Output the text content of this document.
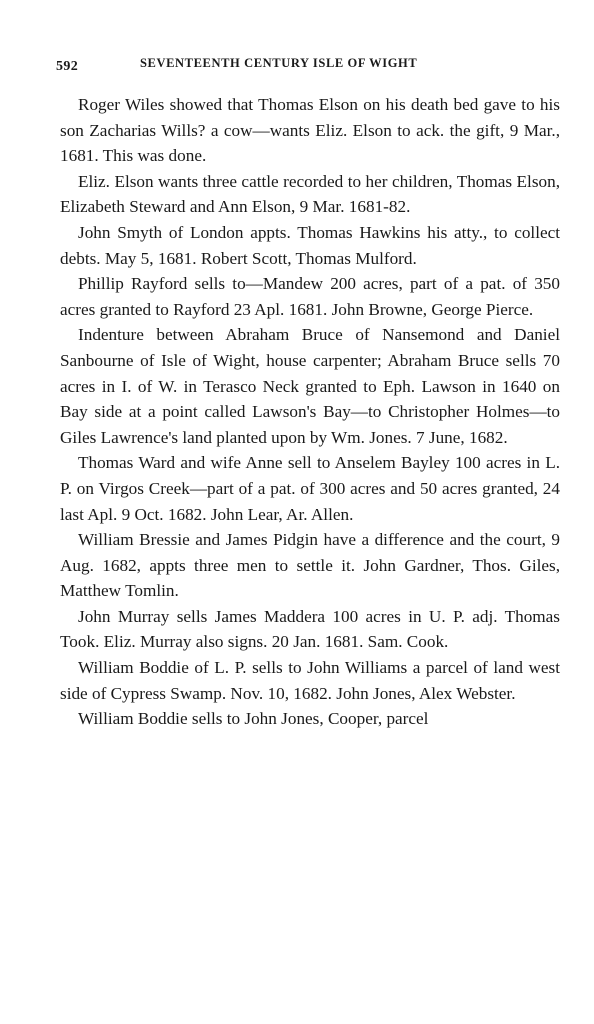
592	SEVENTEENTH CENTURY ISLE OF WIGHT

Roger Wiles showed that Thomas Elson on his death bed gave to his son Zacharias Wills? a cow—wants Eliz. Elson to ack. the gift, 9 Mar., 1681. This was done.

Eliz. Elson wants three cattle recorded to her children, Thomas Elson, Elizabeth Steward and Ann Elson, 9 Mar. 1681-82.

John Smyth of London appts. Thomas Hawkins his atty., to collect debts. May 5, 1681. Robert Scott, Thomas Mulford.

Phillip Rayford sells to—Mandew 200 acres, part of a pat. of 350 acres granted to Rayford 23 Apl. 1681. John Browne, George Pierce.

Indenture between Abraham Bruce of Nansemond and Daniel Sanbourne of Isle of Wight, house carpenter; Abraham Bruce sells 70 acres in I. of W. in Terasco Neck granted to Eph. Lawson in 1640 on Bay side at a point called Lawson's Bay—to Christopher Holmes—to Giles Lawrence's land planted upon by Wm. Jones. 7 June, 1682.

Thomas Ward and wife Anne sell to Anselem Bayley 100 acres in L. P. on Virgos Creek—part of a pat. of 300 acres and 50 acres granted, 24 last Apl. 9 Oct. 1682. John Lear, Ar. Allen.

William Bressie and James Pidgin have a difference and the court, 9 Aug. 1682, appts three men to settle it. John Gardner, Thos. Giles, Matthew Tomlin.

John Murray sells James Maddera 100 acres in U. P. adj. Thomas Took. Eliz. Murray also signs. 20 Jan. 1681. Sam. Cook.

William Boddie of L. P. sells to John Williams a parcel of land west side of Cypress Swamp. Nov. 10, 1682. John Jones, Alex Webster.

William Boddie sells to John Jones, Cooper, parcel
